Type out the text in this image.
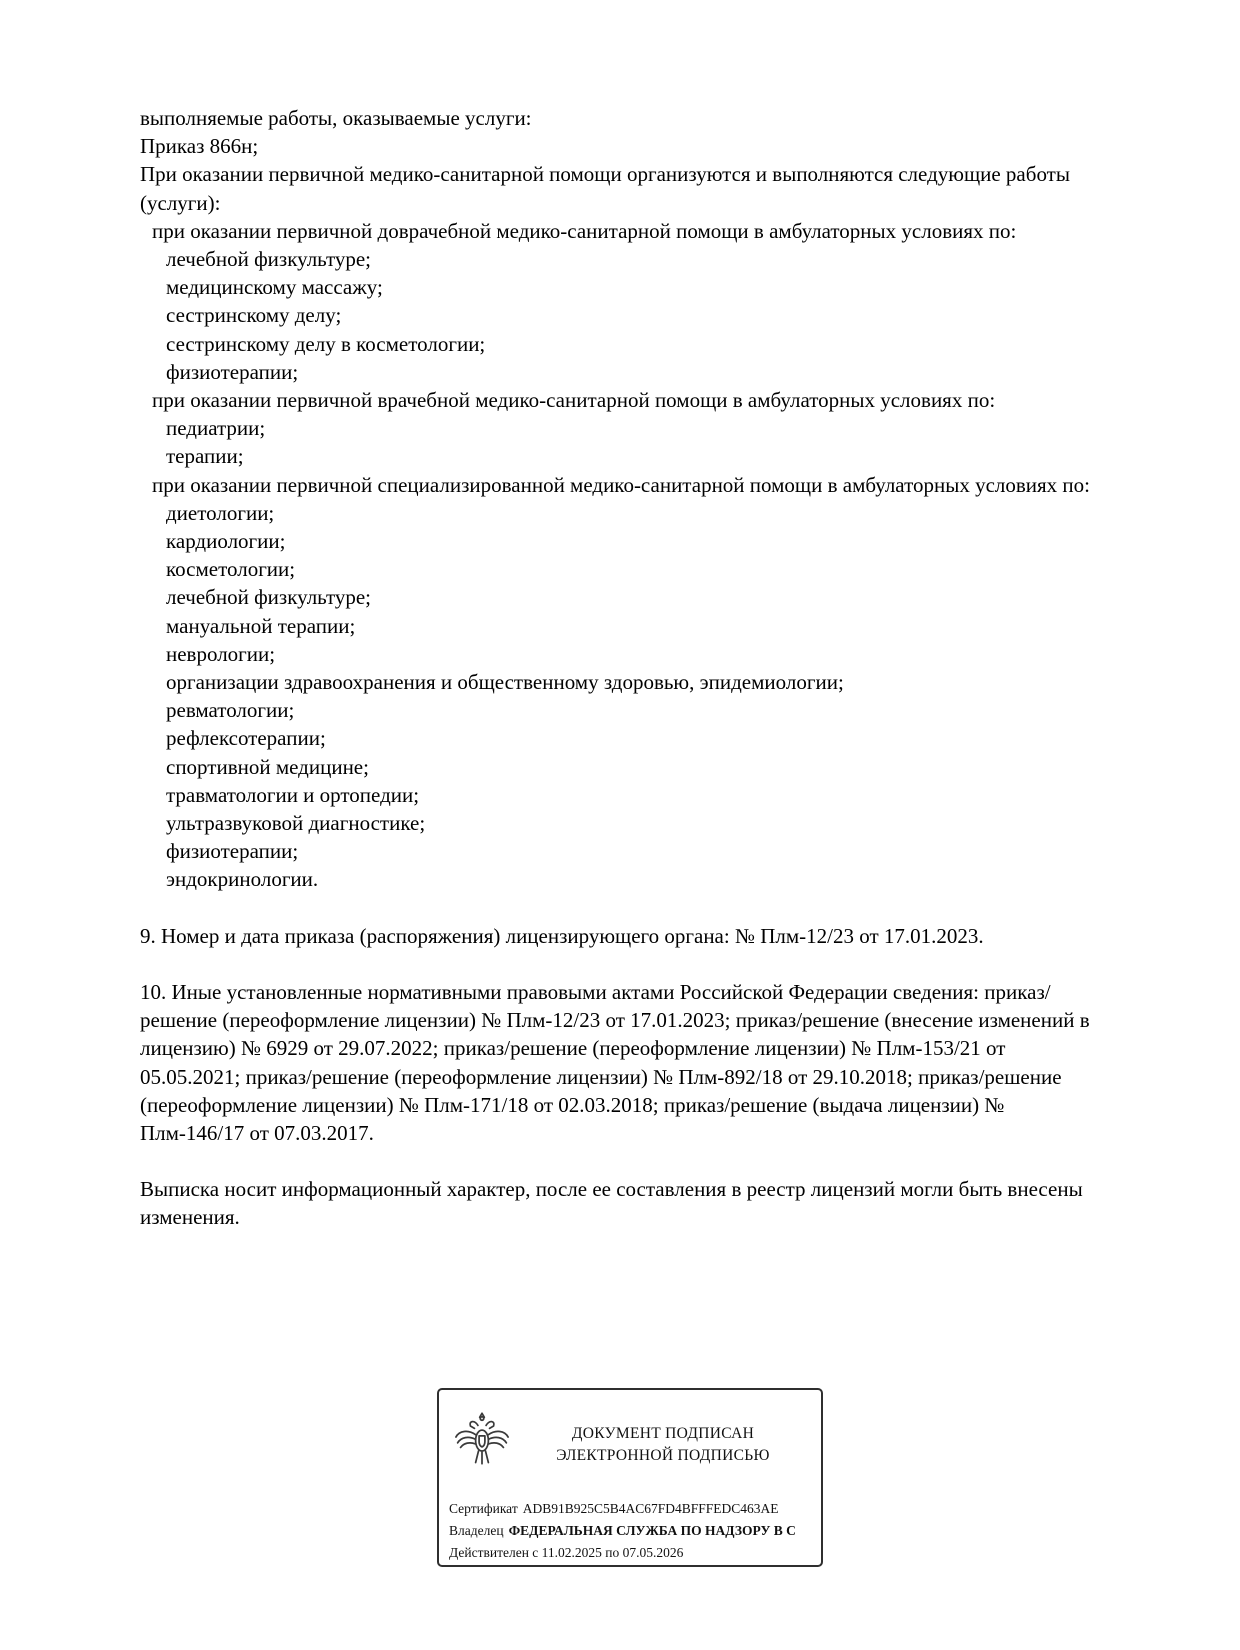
выполняемые работы, оказываемые услуги:

Приказ 866н;

При оказании первичной медико-санитарной помощи организуются и выполняются следующие работы (услуги):

при оказании первичной доврачебной медико-санитарной помощи в амбулаторных условиях по:

лечебной физкультуре;

медицинскому массажу;

сестринскому делу;

сестринскому делу в косметологии;

физиотерапии;

при оказании первичной врачебной медико-санитарной помощи в амбулаторных условиях по:

педиатрии;

терапии;

при оказании первичной специализированной медико-санитарной помощи в амбулаторных условиях по:

диетологии;

кардиологии;

косметологии;

лечебной физкультуре;

мануальной терапии;

неврологии;

организации здравоохранения и общественному здоровью, эпидемиологии;

ревматологии;

рефлексотерапии;

спортивной медицине;

травматологии и ортопедии;

ультразвуковой диагностике;

физиотерапии;

эндокринологии.

9. Номер и дата приказа (распоряжения) лицензирующего органа: № Плм-12/23 от 17.01.2023.

10. Иные установленные нормативными правовыми актами Российской Федерации сведения: приказ/решение (переоформление лицензии) № Плм-12/23 от 17.01.2023; приказ/решение (внесение изменений в лицензию) № 6929 от 29.07.2022; приказ/решение (переоформление лицензии) № Плм-153/21 от 05.05.2021; приказ/решение (переоформление лицензии) № Плм-892/18 от 29.10.2018; приказ/решение (переоформление лицензии) № Плм-171/18 от 02.03.2018; приказ/решение (выдача лицензии) № Плм-146/17 от 07.03.2017.

Выписка носит информационный характер, после ее составления в реестр лицензий могли быть внесены изменения.

ДОКУМЕНТ ПОДПИСАН
ЭЛЕКТРОННОЙ ПОДПИСЬЮ
Сертификат ADB91B925C5B4AC67FD4BFFFEDC463AE
Владелец ФЕДЕРАЛЬНАЯ СЛУЖБА ПО НАДЗОРУ В С
Действителен с 11.02.2025 по 07.05.2026
